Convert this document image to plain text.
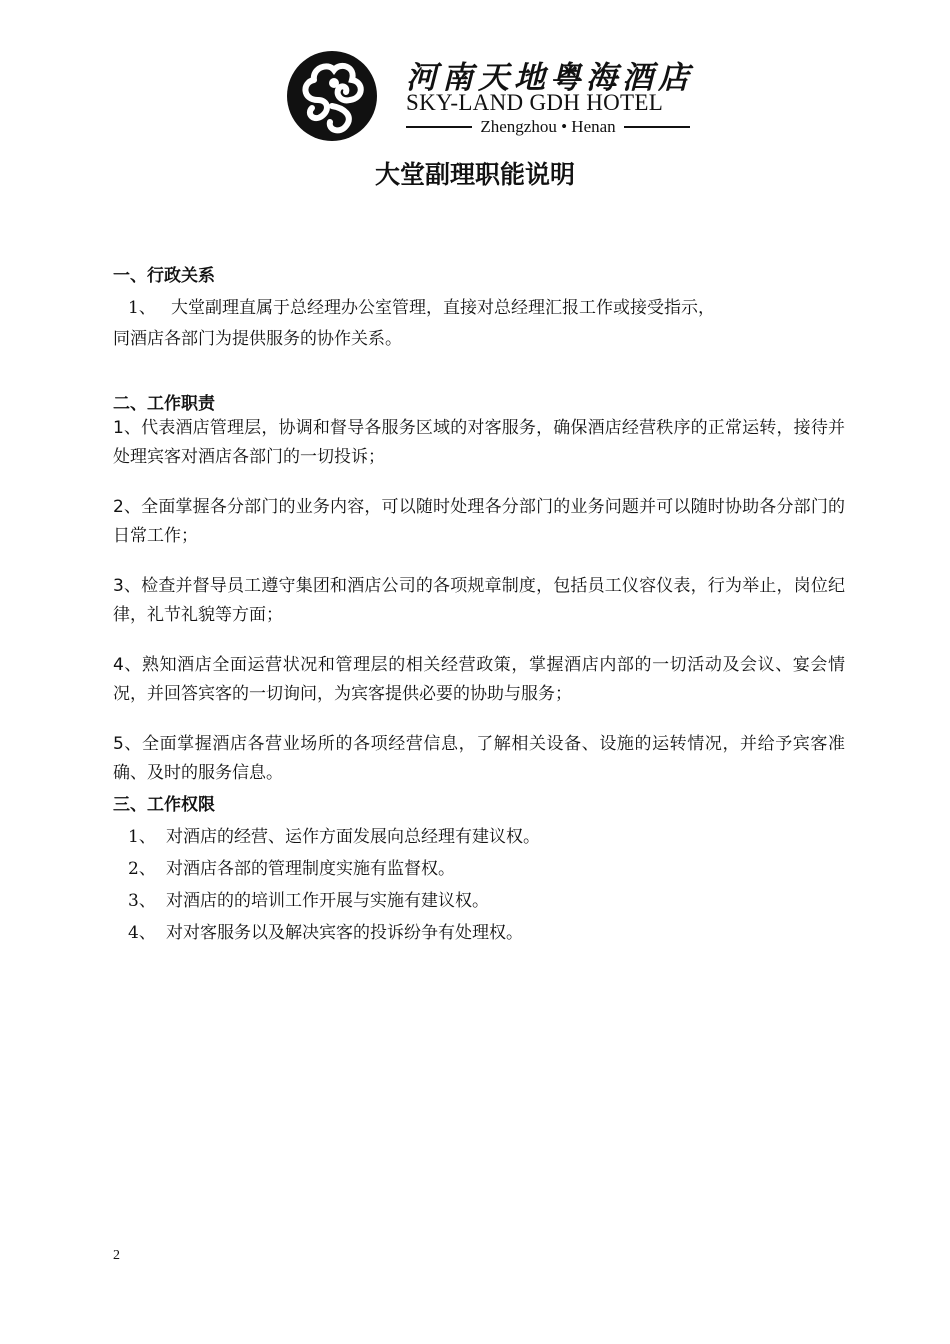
河南天地粤海酒店
SKY-LAND GDH HOTEL
Zhengzhou • Henan
大堂副理职能说明
一、行政关系
1、 大堂副理直属于总经理办公室管理，直接对总经理汇报工作或接受指示，
同酒店各部门为提供服务的协作关系。
二、工作职责
1、代表酒店管理层，协调和督导各服务区域的对客服务，确保酒店经营秩序的正常运转，接待并处理宾客对酒店各部门的一切投诉；
2、全面掌握各分部门的业务内容，可以随时处理各分部门的业务问题并可以随时协助各分部门的日常工作；
3、检查并督导员工遵守集团和酒店公司的各项规章制度，包括员工仪容仪表，行为举止，岗位纪律，礼节礼貌等方面；
4、熟知酒店全面运营状况和管理层的相关经营政策，掌握酒店内部的一切活动及会议、宴会情况，并回答宾客的一切询问，为宾客提供必要的协助与服务；
5、全面掌握酒店各营业场所的各项经营信息，了解相关设备、设施的运转情况，并给予宾客准确、及时的服务信息。
三、工作权限
1、 对酒店的经营、运作方面发展向总经理有建议权。
2、 对酒店各部的管理制度实施有监督权。
3、 对酒店的的培训工作开展与实施有建议权。
4、 对对客服务以及解决宾客的投诉纷争有处理权。
2
